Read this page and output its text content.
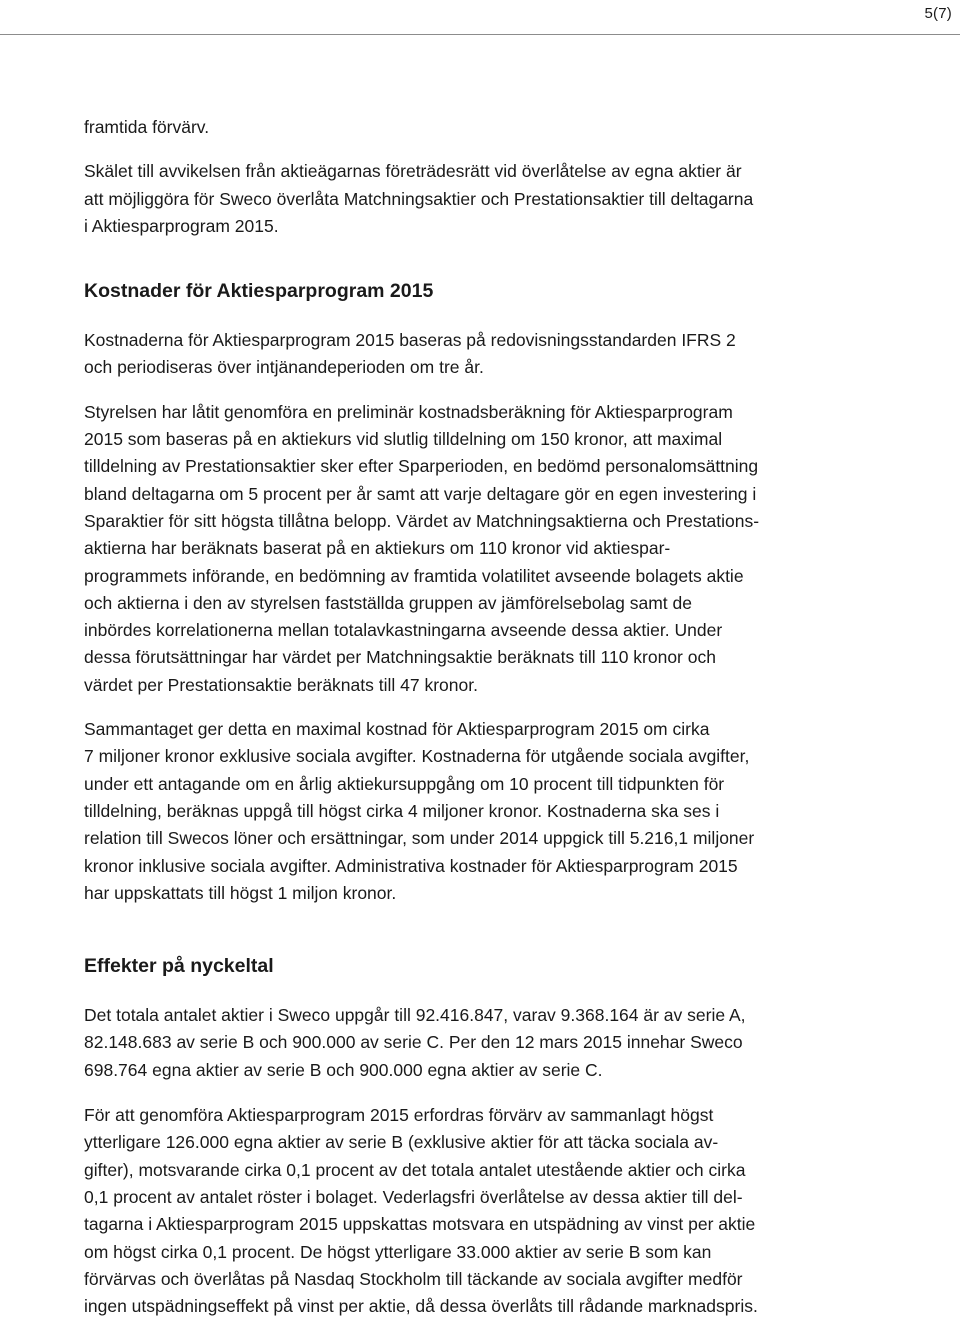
5(7)

framtida förvärv.

Skälet till avvikelsen från aktieägarnas företrädesrätt vid överlåtelse av egna aktier är
att möjliggöra för Sweco överlåta Matchningsaktier och Prestationsaktier till deltagarna
i Aktiesparprogram 2015.

Kostnader för Aktiesparprogram 2015

Kostnaderna för Aktiesparprogram 2015 baseras på redovisningsstandarden IFRS 2
och periodiseras över intjänandeperioden om tre år.

Styrelsen har låtit genomföra en preliminär kostnadsberäkning för Aktiesparprogram
2015 som baseras på en aktiekurs vid slutlig tilldelning om 150 kronor, att maximal
tilldelning av Prestationsaktier sker efter Sparperioden, en bedömd personalomsättning
bland deltagarna om 5 procent per år samt att varje deltagare gör en egen investering i
Sparaktier för sitt högsta tillåtna belopp. Värdet av Matchningsaktierna och Prestations-
aktierna har beräknats baserat på en aktiekurs om 110 kronor vid aktiespar-
programmets införande, en bedömning av framtida volatilitet avseende bolagets aktie
och aktierna i den av styrelsen fastställda gruppen av jämförelsebolag samt de
inbördes korrelationerna mellan totalavkastningarna avseende dessa aktier. Under
dessa förutsättningar har värdet per Matchningsaktie beräknats till 110 kronor och
värdet per Prestationsaktie beräknats till 47 kronor.

Sammantaget ger detta en maximal kostnad för Aktiesparprogram 2015 om cirka
7 miljoner kronor exklusive sociala avgifter. Kostnaderna för utgående sociala avgifter,
under ett antagande om en årlig aktiekursuppgång om 10 procent till tidpunkten för
tilldelning, beräknas uppgå till högst cirka 4 miljoner kronor. Kostnaderna ska ses i
relation till Swecos löner och ersättningar, som under 2014 uppgick till 5.216,1 miljoner
kronor inklusive sociala avgifter. Administrativa kostnader för Aktiesparprogram 2015
har uppskattats till högst 1 miljon kronor.

Effekter på nyckeltal

Det totala antalet aktier i Sweco uppgår till 92.416.847, varav 9.368.164 är av serie A,
82.148.683 av serie B och 900.000 av serie C. Per den 12 mars 2015 innehar Sweco
698.764 egna aktier av serie B och 900.000 egna aktier av serie C.

För att genomföra Aktiesparprogram 2015 erfordras förvärv av sammanlagt högst
ytterligare 126.000 egna aktier av serie B (exklusive aktier för att täcka sociala av-
gifter), motsvarande cirka 0,1 procent av det totala antalet utestående aktier och cirka
0,1 procent av antalet röster i bolaget. Vederlagsfri överlåtelse av dessa aktier till del-
tagarna i Aktiesparprogram 2015 uppskattas motsvara en utspädning av vinst per aktie
om högst cirka 0,1 procent. De högst ytterligare 33.000 aktier av serie B som kan
förvärvas och överlåtas på Nasdaq Stockholm till täckande av sociala avgifter medför
ingen utspädningseffekt på vinst per aktie, då dessa överlåts till rådande marknadspris.
